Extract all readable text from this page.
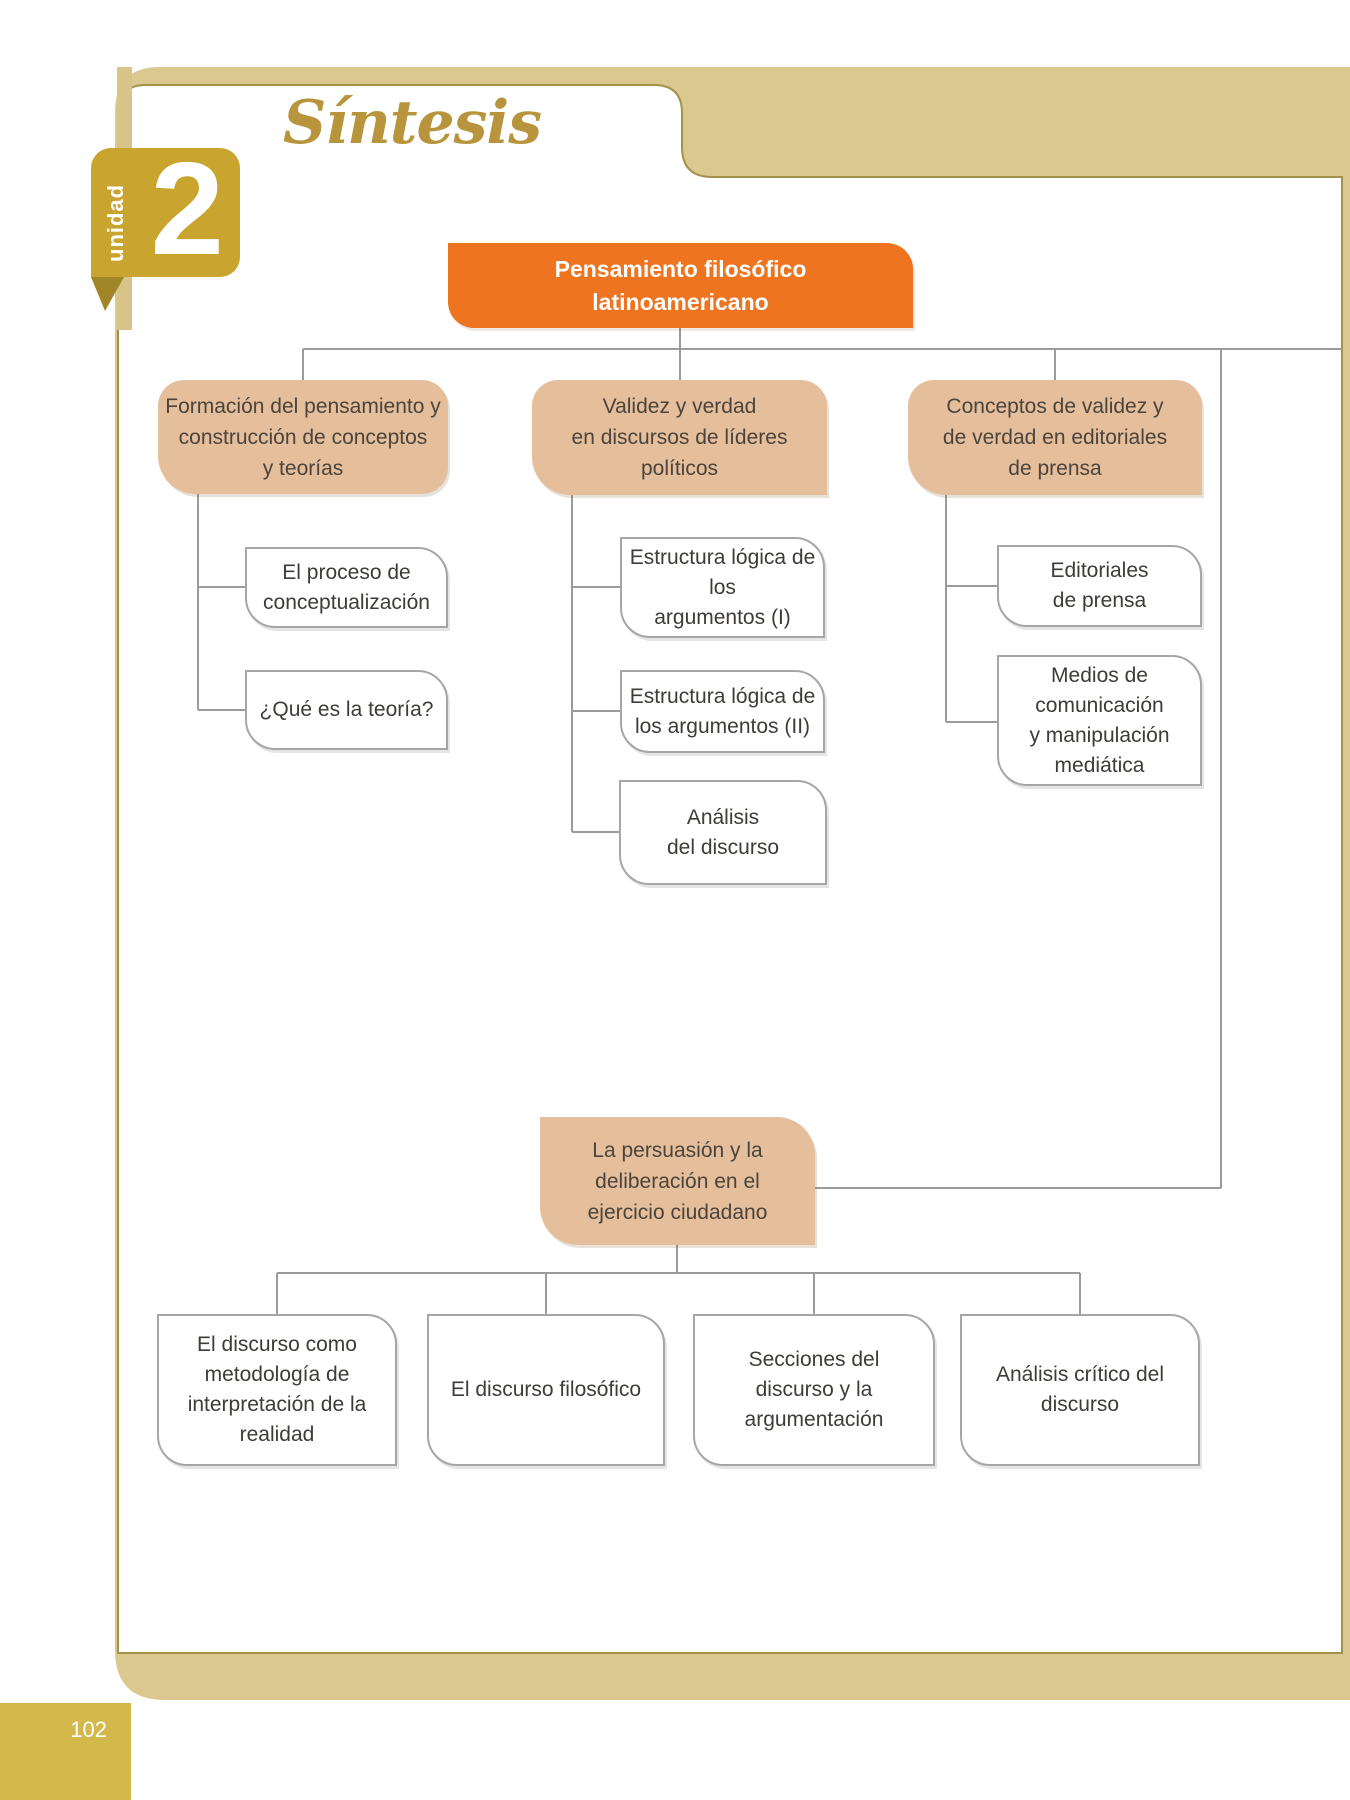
Síntesis
unidad 2	Pensamiento filosófico
latinoamericano
Formación del pensamiento y
construcción de conceptos
y teorías
Validez y verdad
en discursos de líderes
políticos
Conceptos de validez y
de verdad en editoriales
de prensa
El proceso de
conceptualización
¿Qué es la teoría?
Estructura lógica de los
argumentos (I)
Estructura lógica de
los argumentos (II)
Análisis
del discurso
Editoriales
de prensa
Medios de
comunicación
y manipulación
mediática
La persuasión y la
deliberación en el
ejercicio ciudadano
El discurso como
metodología de
interpretación de la
realidad
El discurso filosófico
Secciones del
discurso y la
argumentación
Análisis crítico del
discurso
102
